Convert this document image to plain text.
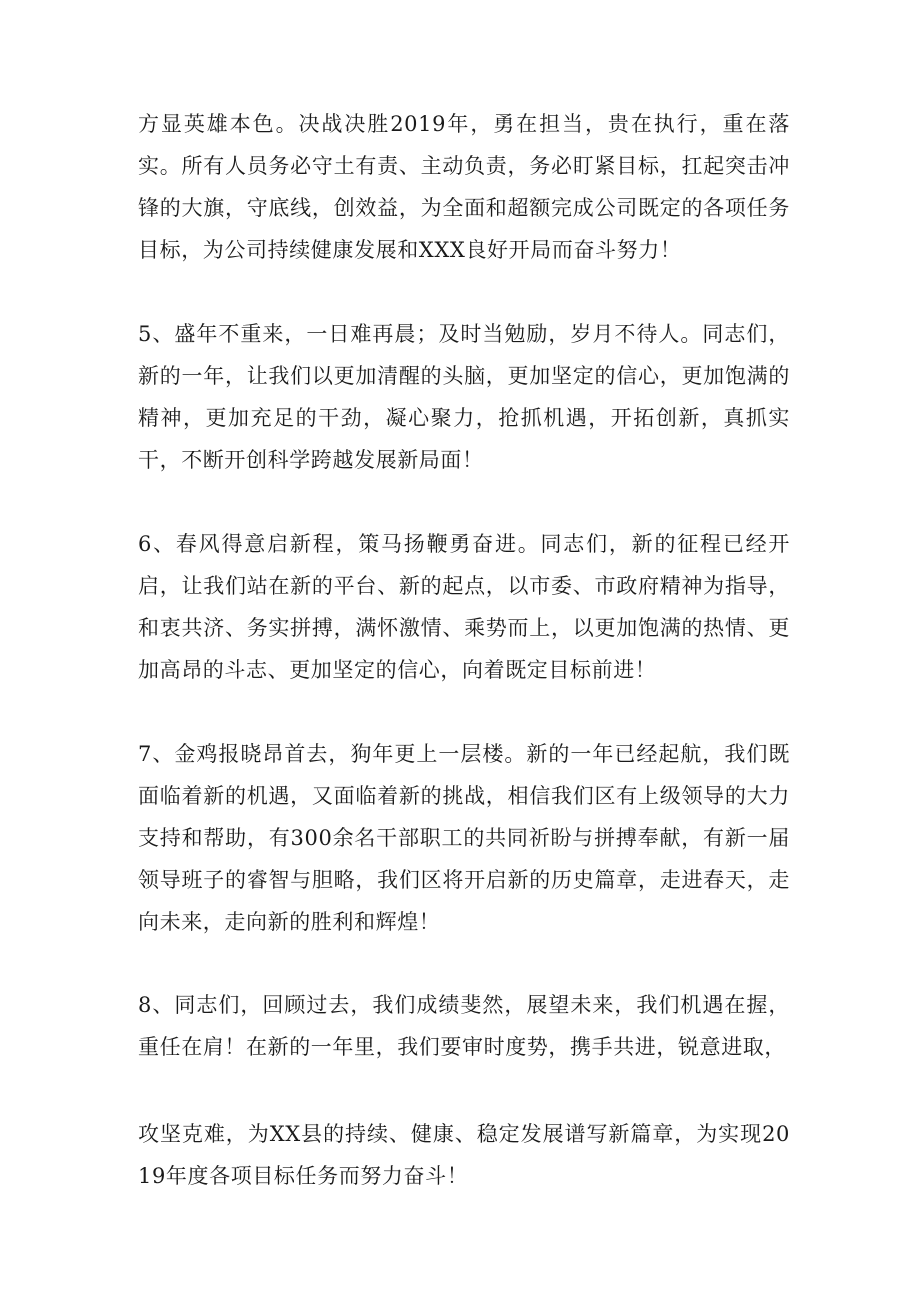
方显英雄本色。决战决胜2019年，勇在担当，贵在执行，重在落实。所有人员务必守土有责、主动负责，务必盯紧目标，扛起突击冲锋的大旗，守底线，创效益，为全面和超额完成公司既定的各项任务目标，为公司持续健康发展和XXX良好开局而奋斗努力！

5、盛年不重来，一日难再晨；及时当勉励，岁月不待人。同志们，新的一年，让我们以更加清醒的头脑，更加坚定的信心，更加饱满的精神，更加充足的干劲，凝心聚力，抢抓机遇，开拓创新，真抓实干，不断开创科学跨越发展新局面！

6、春风得意启新程，策马扬鞭勇奋进。同志们，新的征程已经开启，让我们站在新的平台、新的起点，以市委、市政府精神为指导，和衷共济、务实拼搏，满怀激情、乘势而上，以更加饱满的热情、更加高昂的斗志、更加坚定的信心，向着既定目标前进！

7、金鸡报晓昂首去，狗年更上一层楼。新的一年已经起航，我们既面临着新的机遇，又面临着新的挑战，相信我们区有上级领导的大力支持和帮助，有300余名干部职工的共同祈盼与拼搏奉献，有新一届领导班子的睿智与胆略，我们区将开启新的历史篇章，走进春天，走向未来，走向新的胜利和辉煌！

8、同志们，回顾过去，我们成绩斐然，展望未来，我们机遇在握，重任在肩！在新的一年里，我们要审时度势，携手共进，锐意进取，

攻坚克难，为XX县的持续、健康、稳定发展谱写新篇章，为实现2019年度各项目标任务而努力奋斗！
